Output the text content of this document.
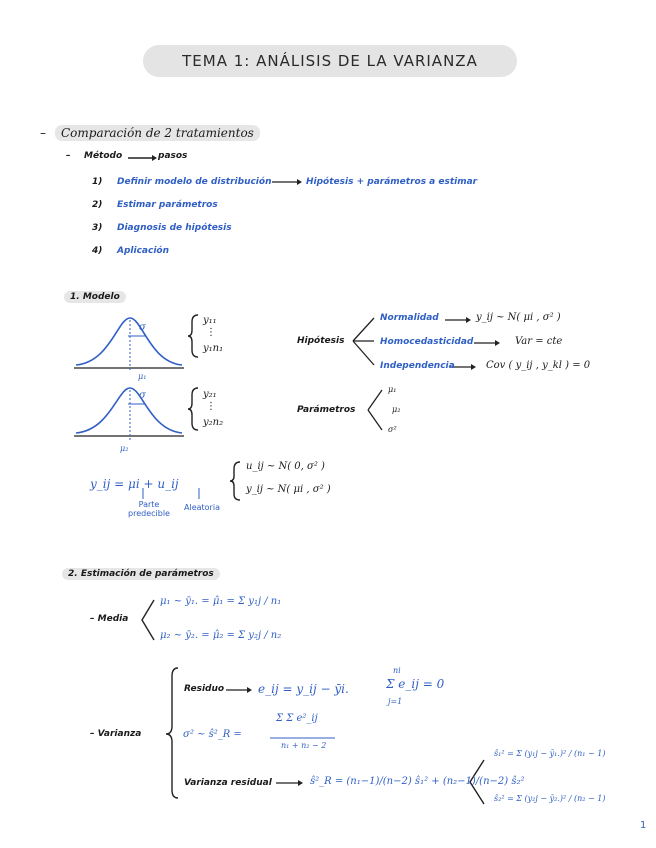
TEMA 1: ANÁLISIS DE LA VARIANZA
–	Comparación de 2 tratamientos
– Método	pasos
1) Definir modelo de distribución	Hipótesis + parámetros a estimar
2) Estimar parámetros
3) Diagnosis de hipótesis
4) Aplicación
1. Modelo
σ
μ₁
σ
μ₂
y₁₁
⋮
y₁n₁
y₂₁
⋮
y₂n₂
Hipótesis
Normalidad	y_ij ~ N( μi , σ² )
Homocedasticidad	Var = cte
Independencia	Cov ( y_ij , y_kl ) = 0
Parámetros
μ₁
μ₂
σ²
y_ij = μi + u_ij
Parte
predecible
Aleatoria
u_ij ~ N( 0, σ² )
y_ij ~ N( μi , σ² )
2. Estimación de parámetros
– Media
μ₁ ~ ȳ₁. = μ̂₁ = Σ y₁j / n₁
μ₂ ~ ȳ₂. = μ̂₂ = Σ y₂j / n₂
– Varianza
Residuo	e_ij = y_ij − ȳi.
ni
Σ e_ij = 0
j=1
σ² ~ ŝ²_R =
Σ Σ e²_ij
n₁ + n₂ − 2
Varianza residual	ŝ²_R = (n₁−1)/(n−2) ŝ₁² + (n₂−1)/(n−2) ŝ₂²
ŝ₁² = Σ (y₁j − ȳ₁.)² / (n₁ − 1)
ŝ₂² = Σ (y₂j − ȳ₂.)² / (n₂ − 1)
1
